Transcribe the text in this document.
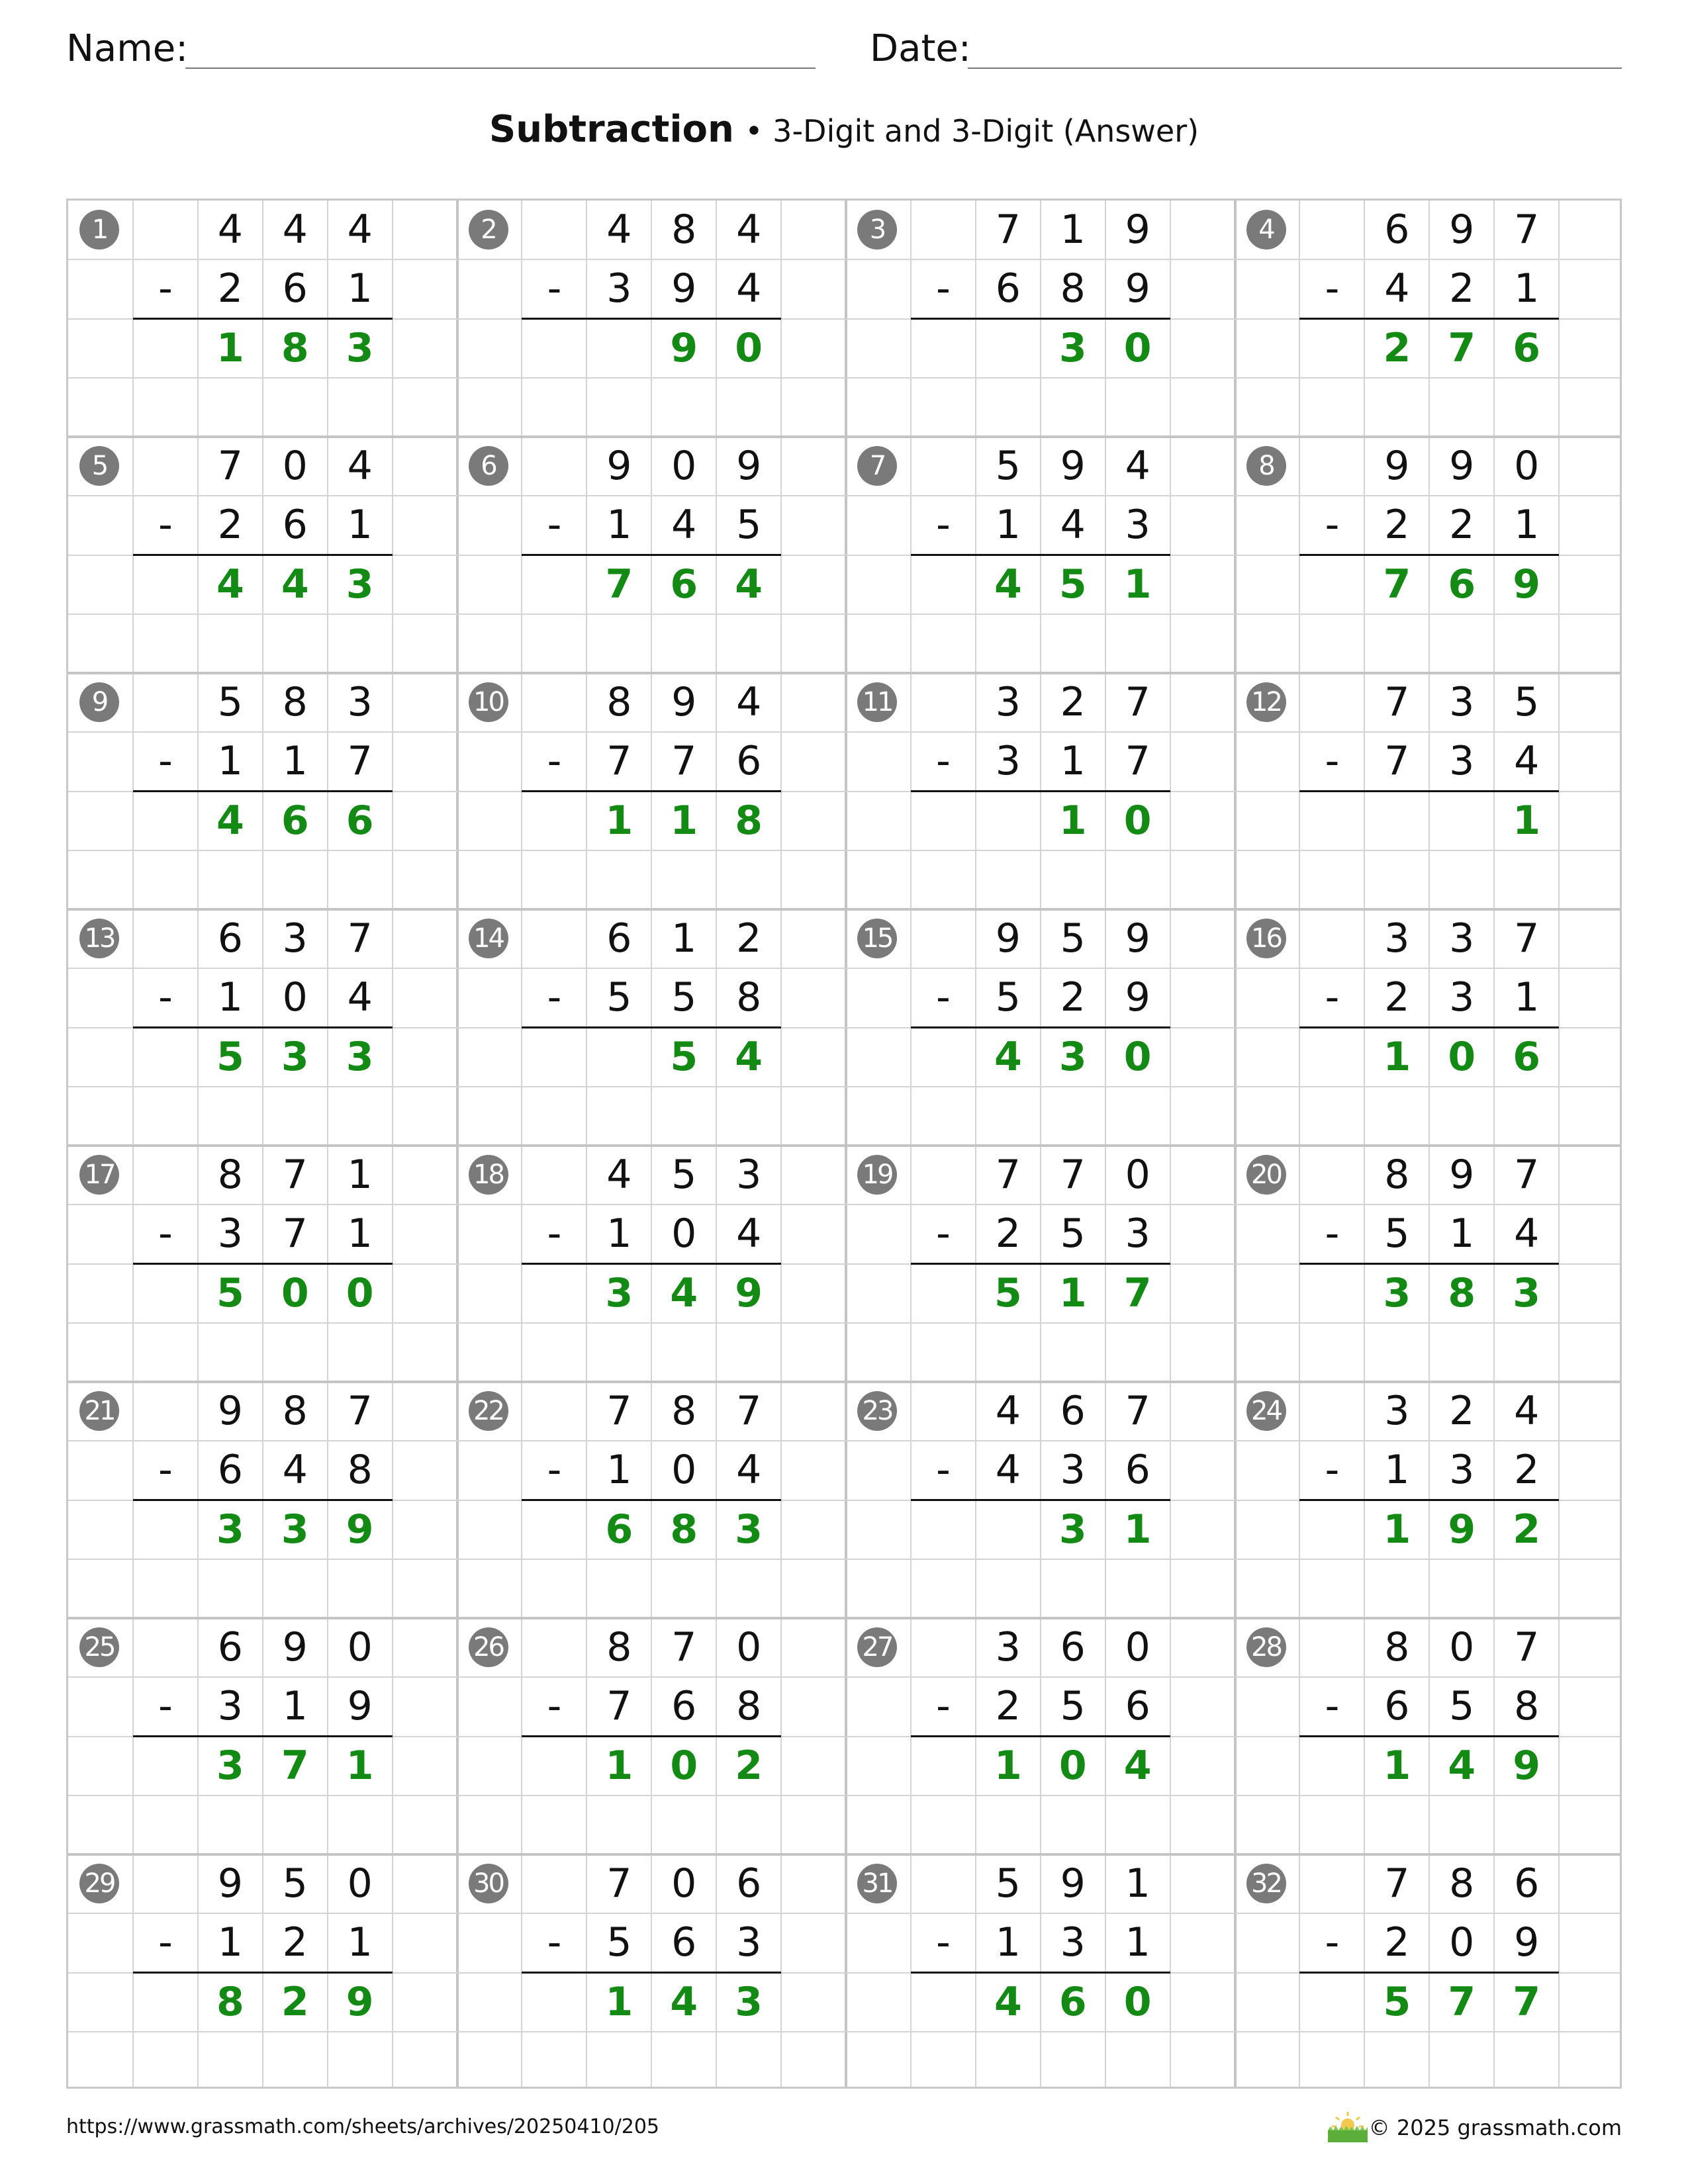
Name:	Date:
Subtraction • 3-Digit and 3-Digit (Answer)
1
-
4 4 4
2 6 1
1 8 3
2
-
4 8 4
3 9 4
9 0
3
-
7 1 9
6 8 9
3 0
4
-
6 9 7
4 2 1
2 7 6
5
-
7 0 4
2 6 1
4 4 3
6
-
9 0 9
1 4 5
7 6 4
7
-
5 9 4
1 4 3
4 5 1
8
-
9 9 0
2 2 1
7 6 9
9
-
5 8 3
1 1 7
4 6 6
10
-
8 9 4
7 7 6
1 1 8
11
-
3 2 7
3 1 7
1 0
12
-
7 3 5
7 3 4
1
13
-
6 3 7
1 0 4
5 3 3
14
-
6 1 2
5 5 8
5 4
15
-
9 5 9
5 2 9
4 3 0
16
-
3 3 7
2 3 1
1 0 6
17
-
8 7 1
3 7 1
5 0 0
18
-
4 5 3
1 0 4
3 4 9
19
-
7 7 0
2 5 3
5 1 7
20
-
8 9 7
5 1 4
3 8 3
21
-
9 8 7
6 4 8
3 3 9
22
-
7 8 7
1 0 4
6 8 3
23
-
4 6 7
4 3 6
3 1
24
-
3 2 4
1 3 2
1 9 2
25
-
6 9 0
3 1 9
3 7 1
26
-
8 7 0
7 6 8
1 0 2
27
-
3 6 0
2 5 6
1 0 4
28
-
8 0 7
6 5 8
1 4 9
29
-
9 5 0
1 2 1
8 2 9
30
-
7 0 6
5 6 3
1 4 3
31
-
5 9 1
1 3 1
4 6 0
32
-
7 8 6
2 0 9
5 7 7
https://www.grassmath.com/sheets/archives/20250410/205	© 2025 grassmath.com
